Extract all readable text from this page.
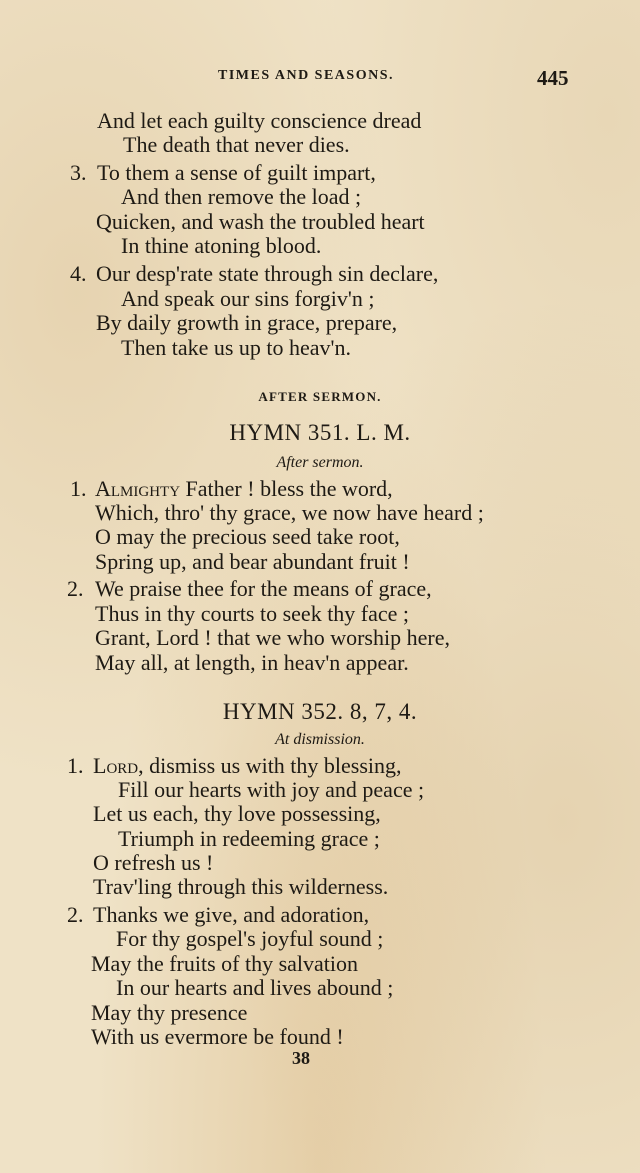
TIMES AND SEASONS.	445
And let each guilty conscience dread
The death that never dies.
3. To them a sense of guilt impart,
And then remove the load ;
Quicken, and wash the troubled heart
In thine atoning blood.
4. Our desp'rate state through sin declare,
And speak our sins forgiv'n ;
By daily growth in grace, prepare,
Then take us up to heav'n.
AFTER SERMON.
HYMN 351. L. M.
After sermon.
1. Almighty Father ! bless the word,
Which, thro' thy grace, we now have heard ;
O may the precious seed take root,
Spring up, and bear abundant fruit !
2. We praise thee for the means of grace,
Thus in thy courts to seek thy face ;
Grant, Lord ! that we who worship here,
May all, at length, in heav'n appear.
HYMN 352. 8, 7, 4.
At dismission.
1. Lord, dismiss us with thy blessing,
Fill our hearts with joy and peace ;
Let us each, thy love possessing,
Triumph in redeeming grace ;
O refresh us !
Trav'ling through this wilderness.
2. Thanks we give, and adoration,
For thy gospel's joyful sound ;
May the fruits of thy salvation
In our hearts and lives abound ;
May thy presence
With us evermore be found !
38
